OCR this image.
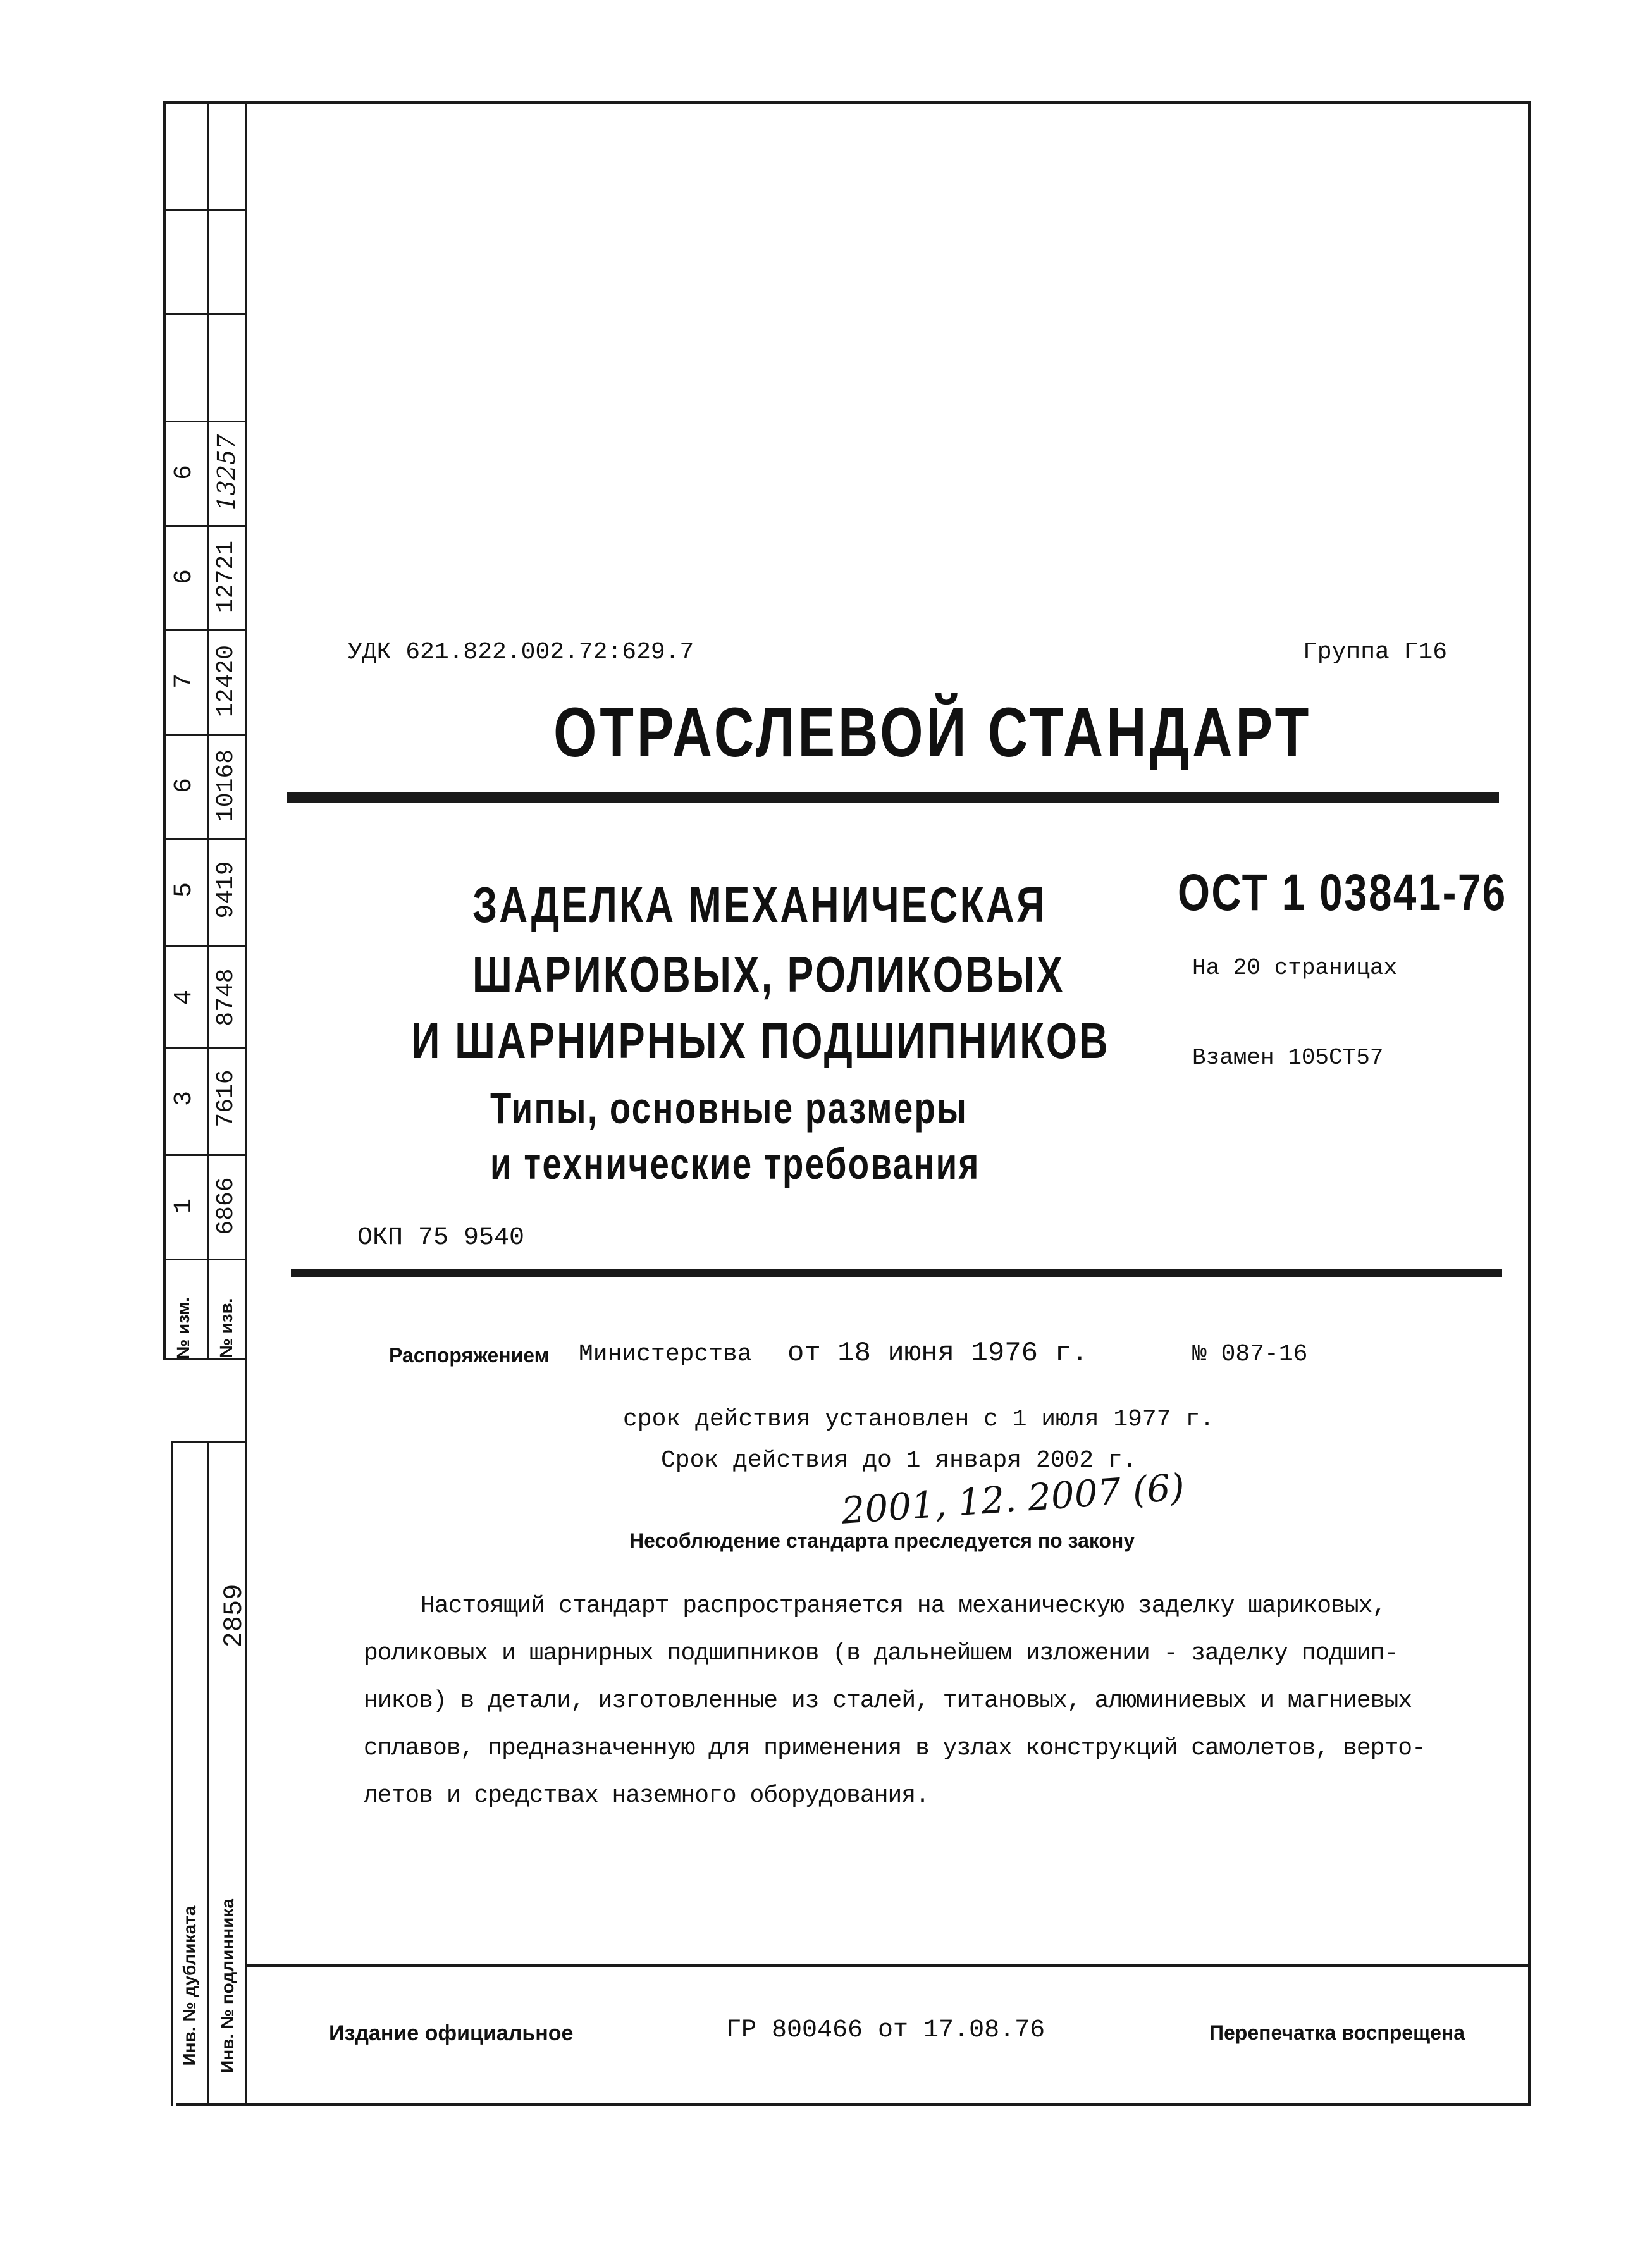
1 6866
3 7616
4 8748
5 9419
6 10168
7 12420
6 12721
6 13257
№ изм. № изв.
2859
Инв. № дубликата Инв. № подлинника
УДК 621.822.002.72:629.7	Группа Г16
ОТРАСЛЕВОЙ СТАНДАРТ
ЗАДЕЛКА МЕХАНИЧЕСКАЯ
ШАРИКОВЫХ, РОЛИКОВЫХ
И ШАРНИРНЫХ ПОДШИПНИКОВ
Типы, основные размеры
и технические требования
ОСТ 1 03841-76
На 20 страницах
Взамен 105СТ57
ОКП 75 9540
Распоряжением Министерства от 18 июня 1976 г.	№ 087-16
срок действия установлен с 1 июля 1977 г.
Срок действия до 1 января 2002 г.
2001, 12. 2007 (6)
Несоблюдение стандарта преследуется по закону
Настоящий стандарт распространяется на механическую заделку шариковых,
роликовых и шарнирных подшипников (в дальнейшем изложении - заделку подшип-
ников) в детали, изготовленные из сталей, титановых, алюминиевых и магниевых
сплавов, предназначенную для применения в узлах конструкций самолетов, верто-
летов и средствах наземного оборудования.
Издание официальное	ГР 800466 от 17.08.76	Перепечатка воспрещена
